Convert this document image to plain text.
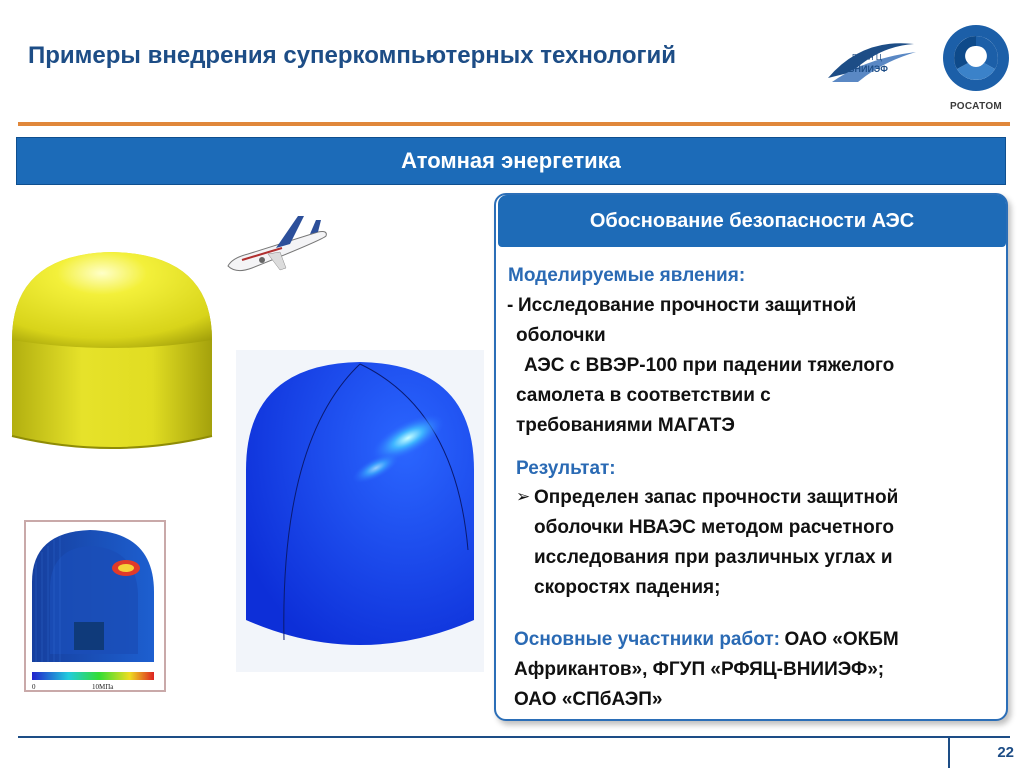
Примеры внедрения суперкомпьютерных технологий	Р Ф Я Ц
ВНИИЭФ
РОСАТОМ
Атомная энергетика
0	10МПа
Обоснование безопасности АЭС
Моделируемые явления:
- Исследование прочности защитной
оболочки
АЭС с ВВЭР-100 при падении тяжелого
самолета в соответствии с
требованиями МАГАТЭ
Результат:
➢ Определен запас прочности защитной
оболочки НВАЭС методом расчетного
исследования при различных углах и
скоростях падения;
Основные участники работ: ОАО «ОКБМ
Африкантов», ФГУП «РФЯЦ-ВНИИЭФ»;
ОАО «СПбАЭП»
22
